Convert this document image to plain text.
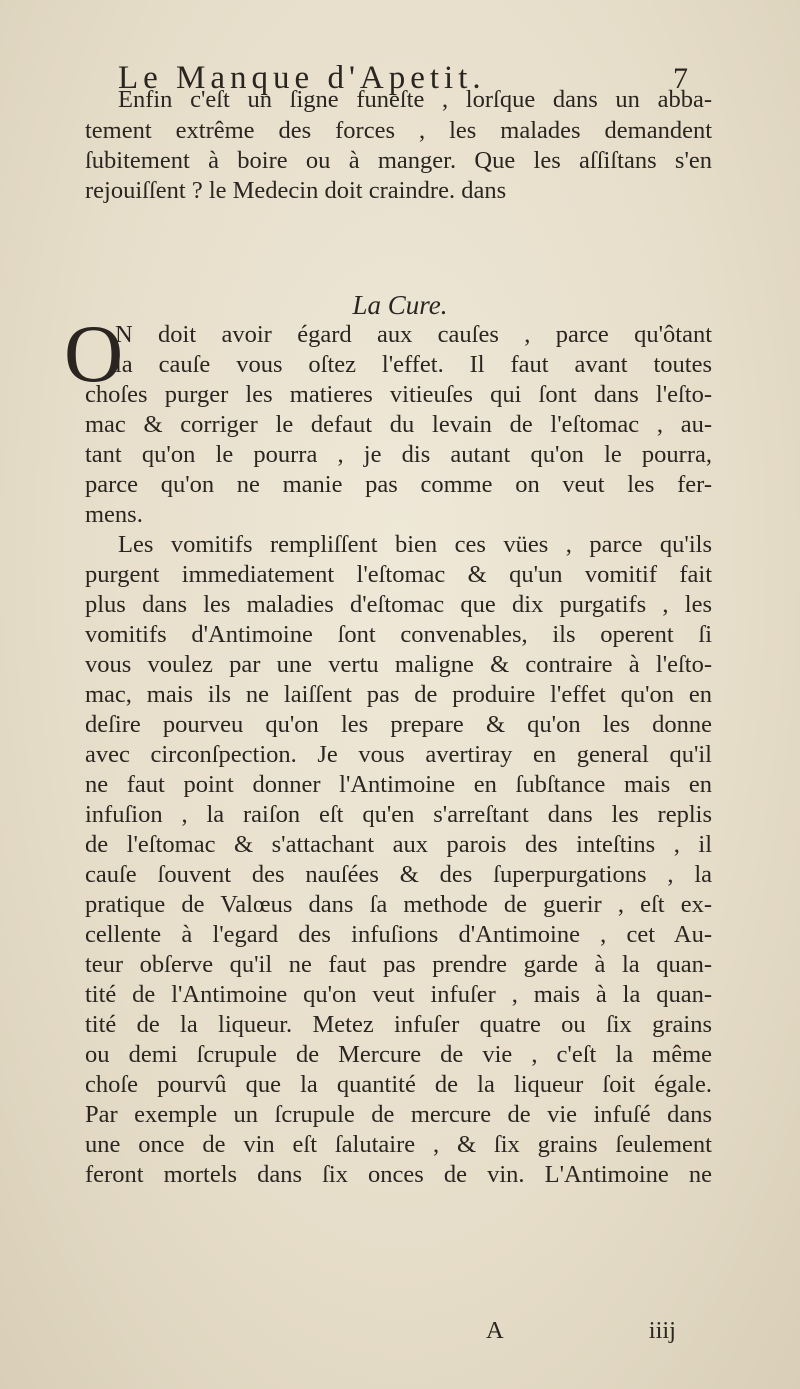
Le Manque d'Apetit.	7
Enfin c'eſt un ſigne funeſte , lorſque dans un abba-
tement extrême des forces , les malades demandent
ſubitement à boire ou à manger. Que les aſſiſtans s'en
rejouiſſent ? le Medecin doit craindre. dans
N doit avoir égard aux cauſes , parce qu'ôtant
la cauſe vous oſtez l'effet. Il faut avant toutes
choſes purger les matieres vitieuſes qui ſont dans l'eſto-
mac & corriger le defaut du levain de l'eſtomac , au-
tant qu'on le pourra , je dis autant qu'on le pourra,
parce qu'on ne manie pas comme on veut les fer-
mens.
Les vomitifs rempliſſent bien ces vües , parce qu'ils
purgent immediatement l'eſtomac & qu'un vomitif fait
plus dans les maladies d'eſtomac que dix purgatifs , les
vomitifs d'Antimoine ſont convenables, ils operent ſi
vous voulez par une vertu maligne & contraire à l'eſto-
mac, mais ils ne laiſſent pas de produire l'effet qu'on en
deſire pourveu qu'on les prepare & qu'on les donne
avec circonſpection. Je vous avertiray en general qu'il
ne faut point donner l'Antimoine en ſubſtance mais en
infuſion , la raiſon eſt qu'en s'arreſtant dans les replis
de l'eſtomac & s'attachant aux parois des inteſtins , il
cauſe ſouvent des nauſées & des ſuperpurgations , la
pratique de Valœus dans ſa methode de guerir , eſt ex-
cellente à l'egard des infuſions d'Antimoine , cet Au-
teur obſerve qu'il ne faut pas prendre garde à la quan-
tité de l'Antimoine qu'on veut infuſer , mais à la quan-
tité de la liqueur. Metez infuſer quatre ou ſix grains
ou demi ſcrupule de Mercure de vie , c'eſt la même
choſe pourvû que la quantité de la liqueur ſoit égale.
Par exemple un ſcrupule de mercure de vie infuſé dans
une once de vin eſt ſalutaire , & ſix grains ſeulement
feront mortels dans ſix onces de vin. L'Antimoine ne
La Cure.
O
A	iiij
